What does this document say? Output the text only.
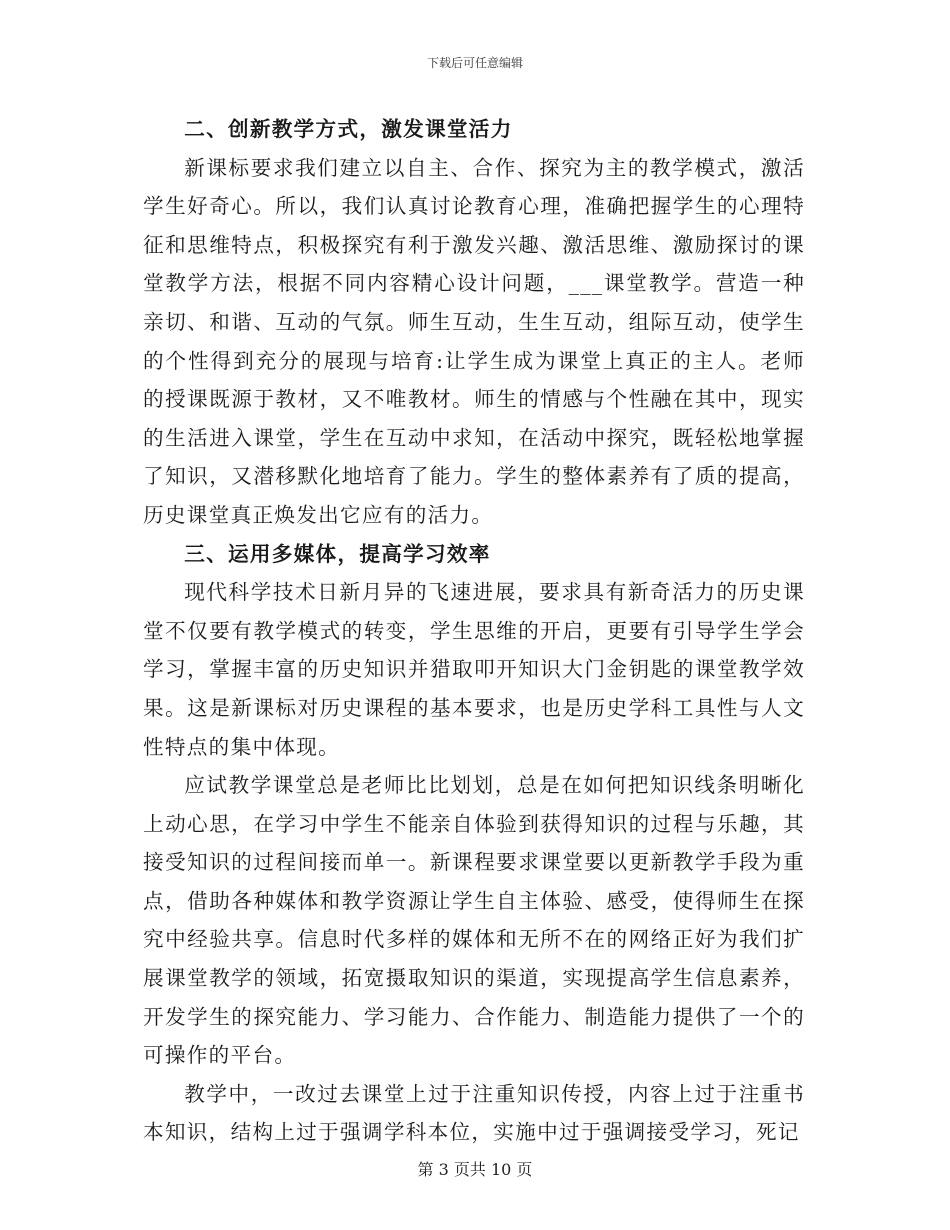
下载后可任意编辑
二、创新教学方式，激发课堂活力

新课标要求我们建立以自主、合作、探究为主的教学模式，激活学生好奇心。所以，我们认真讨论教育心理，准确把握学生的心理特征和思维特点，积极探究有利于激发兴趣、激活思维、激励探讨的课堂教学方法，根据不同内容精心设计问题，___课堂教学。营造一种亲切、和谐、互动的气氛。师生互动，生生互动，组际互动，使学生的个性得到充分的展现与培育:让学生成为课堂上真正的主人。老师的授课既源于教材，又不唯教材。师生的情感与个性融在其中，现实的生活进入课堂，学生在互动中求知，在活动中探究，既轻松地掌握了知识，又潜移默化地培育了能力。学生的整体素养有了质的提高，历史课堂真正焕发出它应有的活力。

三、运用多媒体，提高学习效率

现代科学技术日新月异的飞速进展，要求具有新奇活力的历史课堂不仅要有教学模式的转变，学生思维的开启，更要有引导学生学会学习，掌握丰富的历史知识并猎取叩开知识大门金钥匙的课堂教学效果。这是新课标对历史课程的基本要求，也是历史学科工具性与人文性特点的集中体现。

应试教学课堂总是老师比比划划，总是在如何把知识线条明晰化上动心思，在学习中学生不能亲自体验到获得知识的过程与乐趣，其接受知识的过程间接而单一。新课程要求课堂要以更新教学手段为重点，借助各种媒体和教学资源让学生自主体验、感受，使得师生在探究中经验共享。信息时代多样的媒体和无所不在的网络正好为我们扩展课堂教学的领域，拓宽摄取知识的渠道，实现提高学生信息素养，开发学生的探究能力、学习能力、合作能力、制造能力提供了一个的可操作的平台。

教学中，一改过去课堂上过于注重知识传授，内容上过于注重书本知识，结构上过于强调学科本位，实施中过于强调接受学习，死记

第 3 页共 10 页
